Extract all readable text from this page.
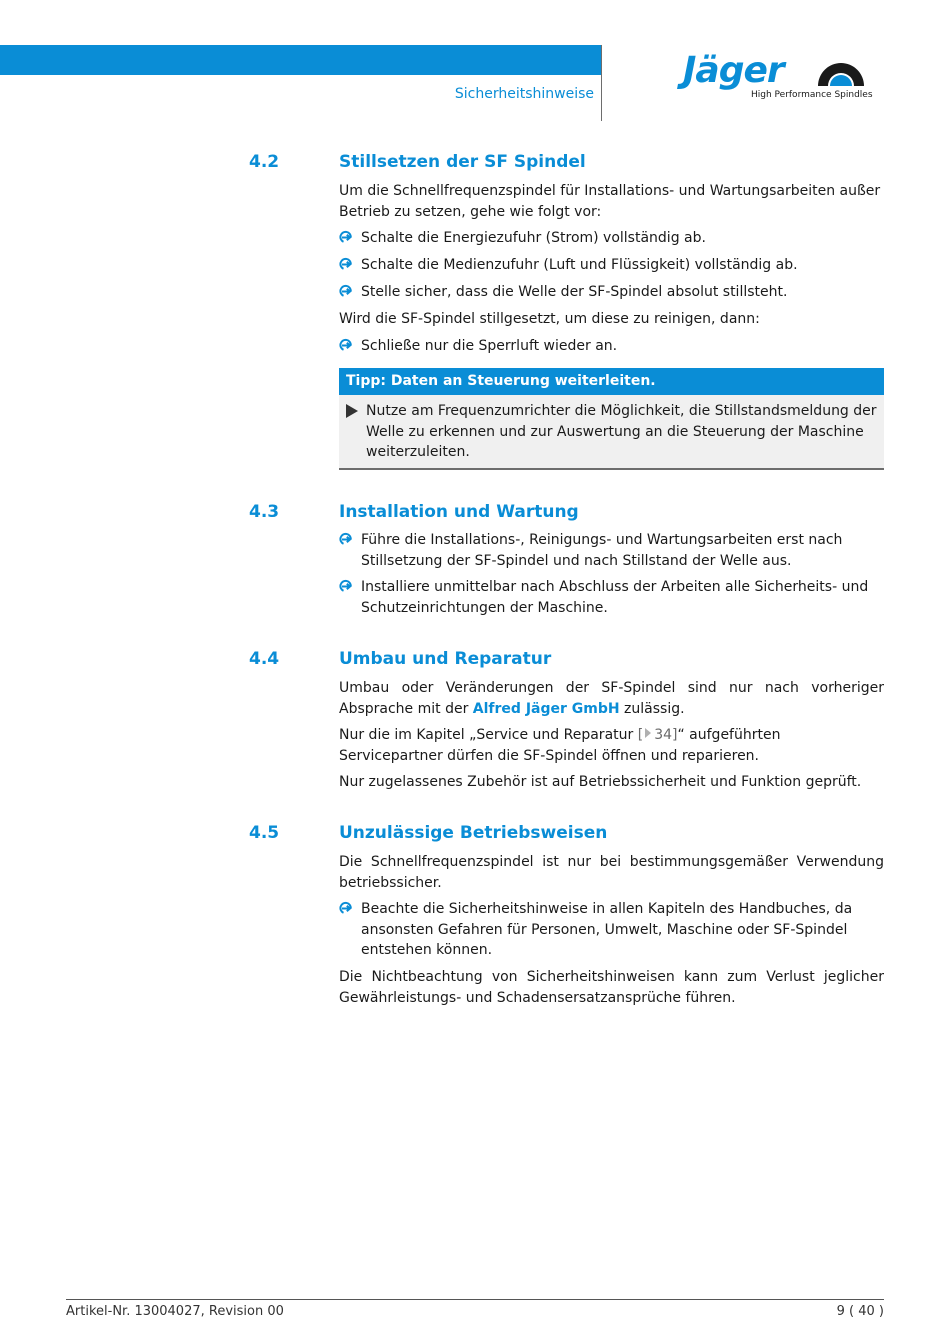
Sicherheitshinweise
Jäger
High Performance Spindles
4.2	Stillsetzen der SF Spindel
Um die Schnellfrequenzspindel für Installations- und Wartungsarbeiten außer Betrieb zu setzen, gehe wie folgt vor:
Schalte die Energiezufuhr (Strom) vollständig ab.
Schalte die Medienzufuhr (Luft und Flüssigkeit) vollständig ab.
Stelle sicher, dass die Welle der SF-Spindel absolut stillsteht.
Wird die SF-Spindel stillgesetzt, um diese zu reinigen, dann:
Schließe nur die Sperrluft wieder an.
Tipp: Daten an Steuerung weiterleiten.
Nutze am Frequenzumrichter die Möglichkeit, die Stillstandsmeldung der Welle zu erkennen und zur Auswertung an die Steuerung der Maschine weiterzuleiten.
4.3	Installation und Wartung
Führe die Installations-, Reinigungs- und Wartungsarbeiten erst nach Stillsetzung der SF-Spindel und nach Stillstand der Welle aus.
Installiere unmittelbar nach Abschluss der Arbeiten alle Sicherheits- und Schutzeinrichtungen der Maschine.
4.4	Umbau und Reparatur
Umbau oder Veränderungen der SF-Spindel sind nur nach vorheriger Absprache mit der Alfred Jäger GmbH zulässig.
Nur die im Kapitel „Service und Reparatur [ 34]“ aufgeführten Servicepartner dürfen die SF-Spindel öffnen und reparieren.
Nur zugelassenes Zubehör ist auf Betriebssicherheit und Funktion geprüft.
4.5	Unzulässige Betriebsweisen
Die Schnellfrequenzspindel ist nur bei bestimmungsgemäßer Verwendung betriebssicher.
Beachte die Sicherheitshinweise in allen Kapiteln des Handbuches, da ansonsten Gefahren für Personen, Umwelt, Maschine oder SF-Spindel entstehen können.
Die Nichtbeachtung von Sicherheitshinweisen kann zum Verlust jeglicher Gewährleistungs- und Schadensersatzansprüche führen.
Artikel-Nr. 13004027, Revision 00	9 ( 40 )
